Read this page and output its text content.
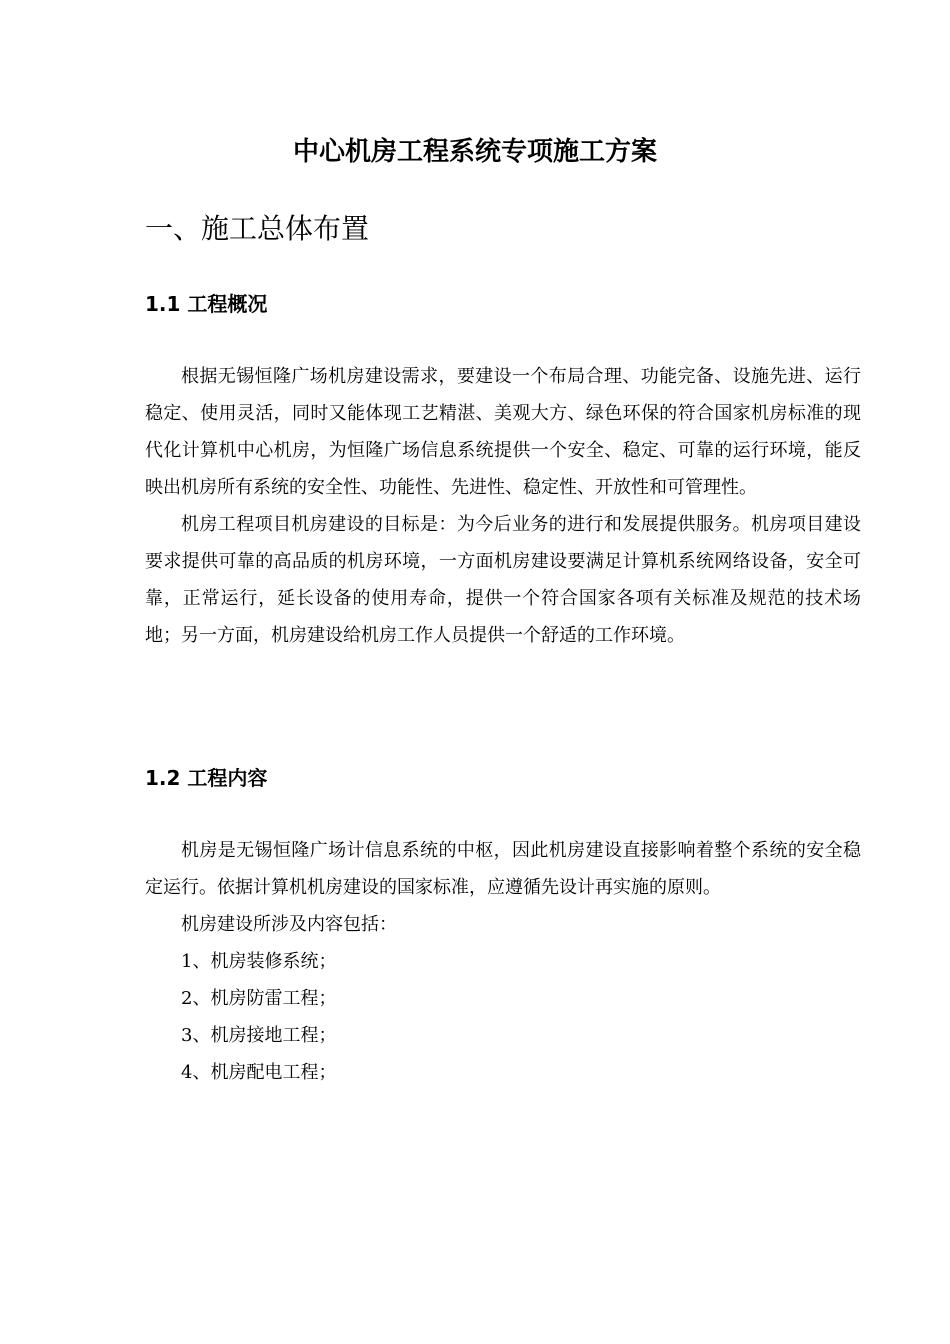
中心机房工程系统专项施工方案
一、施工总体布置
1.1 工程概况

根据无锡恒隆广场机房建设需求，要建设一个布局合理、功能完备、设施先进、运行稳定、使用灵活，同时又能体现工艺精湛、美观大方、绿色环保的符合国家机房标准的现代化计算机中心机房，为恒隆广场信息系统提供一个安全、稳定、可靠的运行环境，能反映出机房所有系统的安全性、功能性、先进性、稳定性、开放性和可管理性。

机房工程项目机房建设的目标是：为今后业务的进行和发展提供服务。机房项目建设要求提供可靠的高品质的机房环境，一方面机房建设要满足计算机系统网络设备，安全可靠，正常运行，延长设备的使用寿命，提供一个符合国家各项有关标准及规范的技术场地；另一方面，机房建设给机房工作人员提供一个舒适的工作环境。

1.2 工程内容

机房是无锡恒隆广场计信息系统的中枢，因此机房建设直接影响着整个系统的安全稳定运行。依据计算机机房建设的国家标准，应遵循先设计再实施的原则。

机房建设所涉及内容包括：

1、机房装修系统；
2、机房防雷工程；
3、机房接地工程；
4、机房配电工程；
